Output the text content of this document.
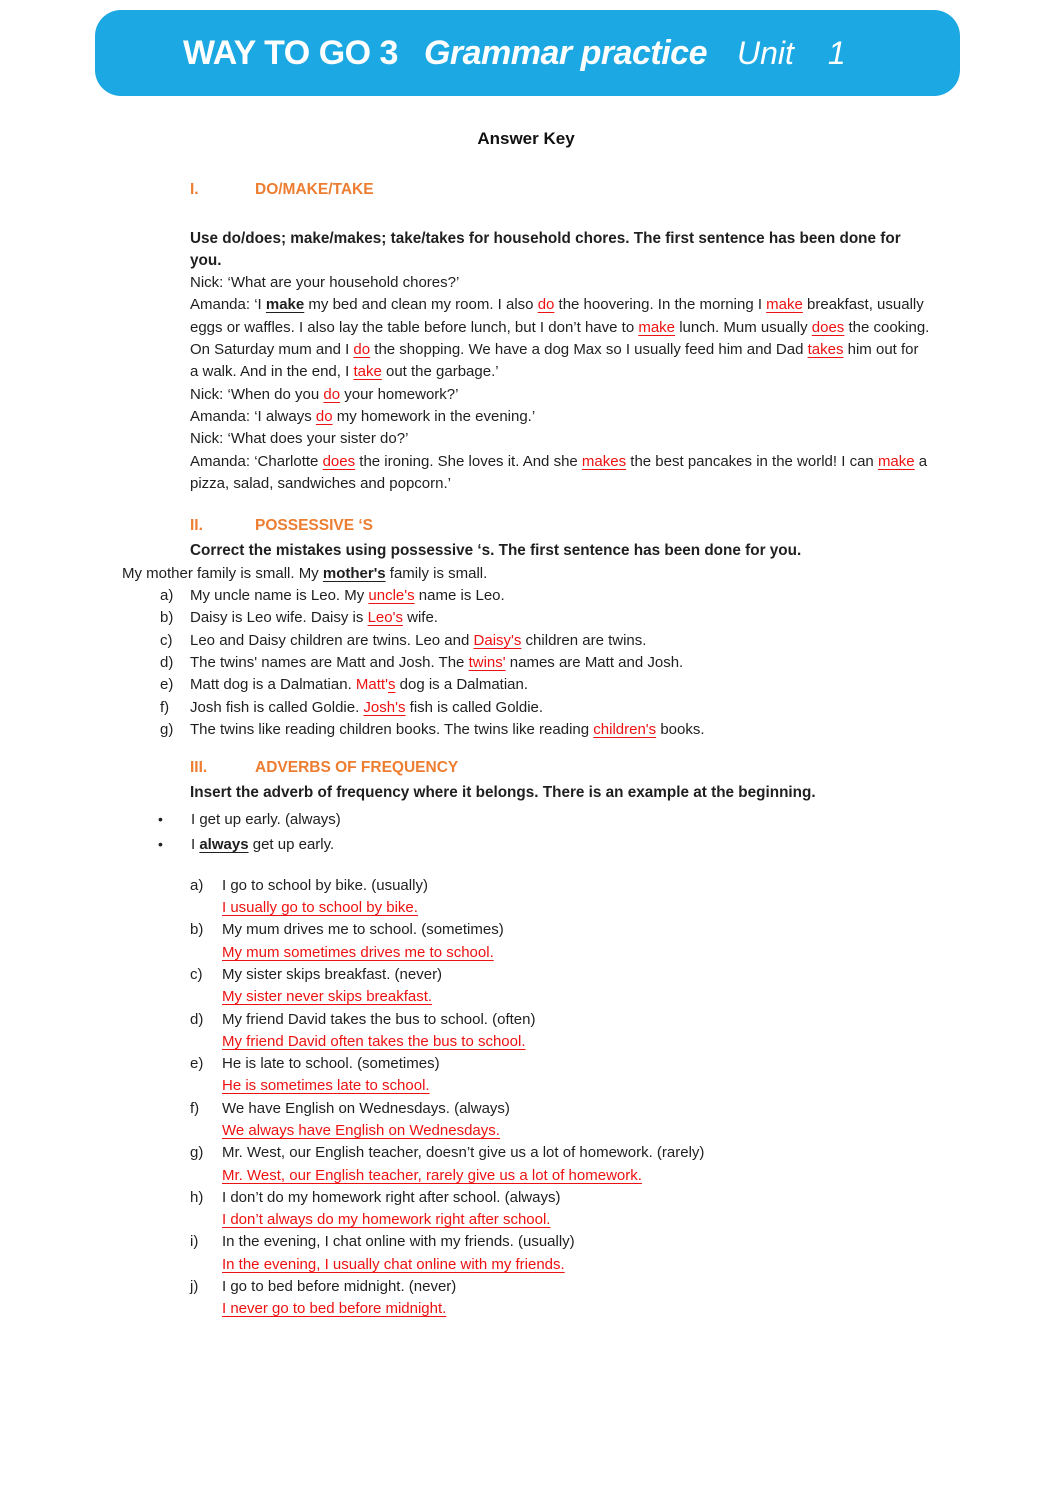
WAY TO GO 3 Grammar practice Unit 1
Answer Key
I.	DO/MAKE/TAKE

Use do/does; make/makes; take/takes for household chores. The first sentence has been done for you.

Nick: ‘What are your household chores?’

Amanda: ‘I make my bed and clean my room. I also do the hoovering. In the morning I make breakfast, usually eggs or waffles. I also lay the table before lunch, but I don’t have to make lunch. Mum usually does the cooking. On Saturday mum and I do the shopping. We have a dog Max so I usually feed him and Dad takes him out for a walk. And in the end, I take out the garbage.’

Nick: ‘When do you do your homework?’

Amanda: ‘I always do my homework in the evening.’

Nick: ‘What does your sister do?’

Amanda: ‘Charlotte does the ironing. She loves it. And she makes the best pancakes in the world! I can make a pizza, salad, sandwiches and popcorn.’

II.	POSSESSIVE ‘S

Correct the mistakes using possessive ‘s. The first sentence has been done for you.

My mother family is small. My mother's family is small.

a)	My uncle name is Leo. My uncle's name is Leo.
b)	Daisy is Leo wife. Daisy is Leo's wife.
c)	Leo and Daisy children are twins. Leo and Daisy's children are twins.
d)	The twins' names are Matt and Josh. The twins' names are Matt and Josh.
e)	Matt dog is a Dalmatian. Matt's dog is a Dalmatian.
f)	Josh fish is called Goldie. Josh's fish is called Goldie.
g)	The twins like reading children books. The twins like reading children's books.
III.	ADVERBS OF FREQUENCY

Insert the adverb of frequency where it belongs. There is an example at the beginning.

•	I get up early. (always)
•	I always get up early.
a)	I go to school by bike. (usually)
I usually go to school by bike.
b)	My mum drives me to school. (sometimes)
My mum sometimes drives me to school.
c)	My sister skips breakfast. (never)
My sister never skips breakfast.
d)	My friend David takes the bus to school. (often)
My friend David often takes the bus to school.
e)	He is late to school. (sometimes)
He is sometimes late to school.
f)	We have English on Wednesdays. (always)
We always have English on Wednesdays.
g)	Mr. West, our English teacher, doesn’t give us a lot of homework. (rarely)
Mr. West, our English teacher, rarely give us a lot of homework.
h)	I don’t do my homework right after school. (always)
I don’t always do my homework right after school.
i)	In the evening, I chat online with my friends. (usually)
In the evening, I usually chat online with my friends.
j)	I go to bed before midnight. (never)
I never go to bed before midnight.
